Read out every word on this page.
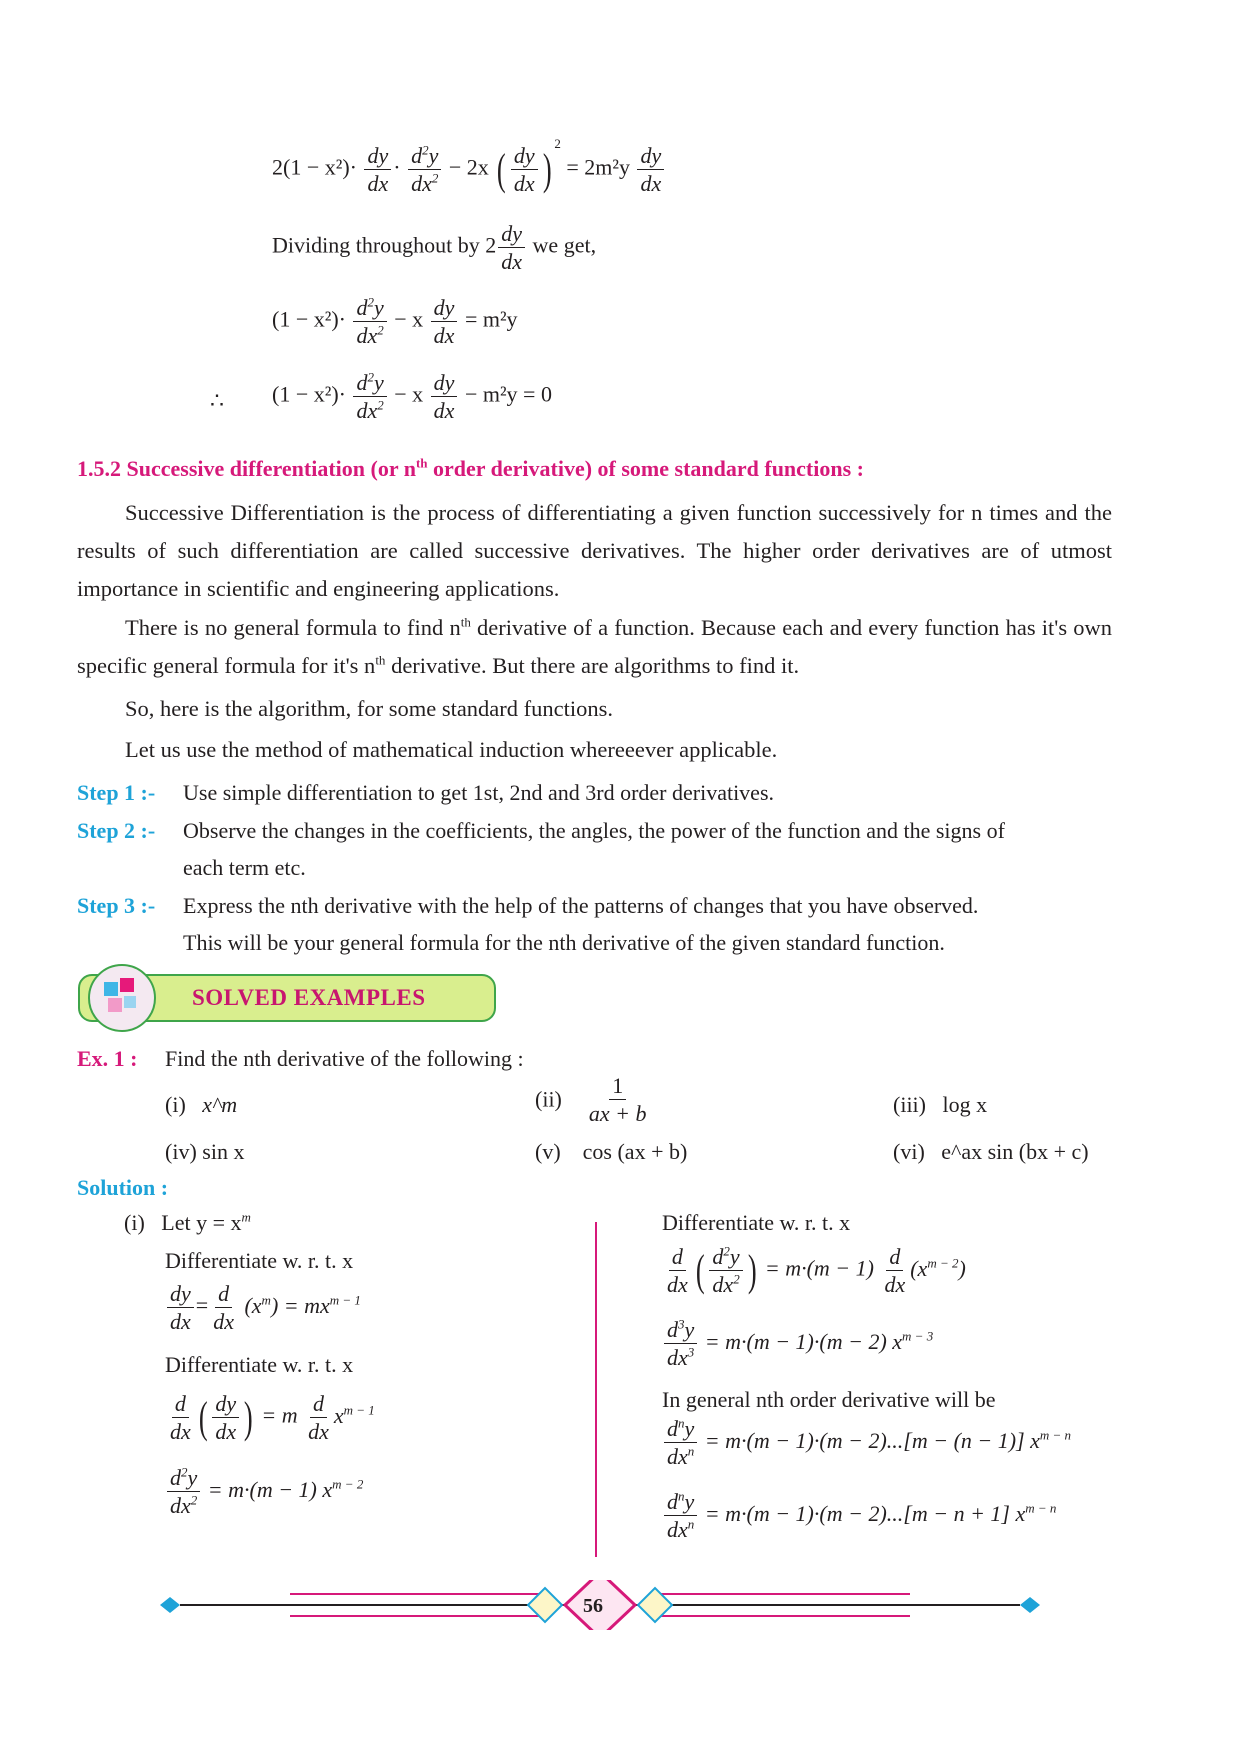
$2(1 - x^2)\cdot \frac{dy}{dx} \cdot \frac{d^2y}{dx^2} - 2x$ ( $\frac{dy}{dx} )^2 = 2m^2y \frac{dy}{dx}$
Dividing throughout by $2 \frac{dy}{dx}$ we get,
$(1 - x^2)\cdot \frac{d^2y}{dx^2} - x \frac{dy}{dx} = m^2y$
∴ $(1 - x^2)\cdot \frac{d^2y}{dx^2} - x \frac{dy}{dx} - m^2y = 0$
1.5.2 Successive differentiation (or $n^{th}$ order derivative) of some standard functions :
Successive Differentiation is the process of differentiating a given function successively for n times and the results of such differentiation are called successive derivatives. The higher order derivatives are of utmost importance in scientific and engineering applications.
There is no general formula to find $n^{th}$ derivative of a function. Because each and every function has it's own specific general formula for it's $n^{th}$ derivative. But there are algorithms to find it.
So, here is the algorithm, for some standard functions.
Let us use the method of mathematical induction whereeever applicable.
Step 1 :- Use simple differentiation to get 1st, 2nd and 3rd order derivatives.
Step 2 :- Observe the changes in the coefficients, the angles, the power of the function and the signs of
each term etc.
Step 3 :- Express the nth derivative with the help of the patterns of changes that you have observed.
This will be your general formula for the nth derivative of the given standard function.
SOLVED EXAMPLES
Ex. 1 : Find the nth derivative of the following :
(i) x^m	$(ii) \frac{1}{ax + b}$	(iii) log x
(iv) sin x	(v) cos (ax + b)	(vi) e^ax sin (bx + c)
Solution :
(i) Let $y = x^m$
Differentiate w. r. t. x
$\frac{dy}{dx} = \frac{d}{dx} (x^m) = mx^{m - 1}$
Differentiate w. r. t. x
$\frac{d}{dx}$ ( $\frac{dy}{dx}$ ) = m $\frac{d}{dx} x^{m - 1}$
$\frac{d^2y}{dx^2} = m\cdot(m - 1)$ $x^{m - 2}$
Differentiate w. r. t. x
$\frac{d}{dx}$ ( $\frac{d^2y}{dx^2}$ ) = $m\cdot(m - 1) \frac{d}{dx} (x^{m - 2})$
$\frac{d^3y}{dx^3} = m\cdot(m - 1)\cdot(m - 2)$ $x^{m - 3}$
In general nth order derivative will be
$\frac{d^ny}{dx^n} = m\cdot(m - 1)\cdot(m - 2)...[m - (n - 1)]$ $x^{m - n}$
$\frac{d^ny}{dx^n} = m\cdot(m - 1)\cdot(m - 2)...[m - n + 1]$ $x^{m - n}$
56
